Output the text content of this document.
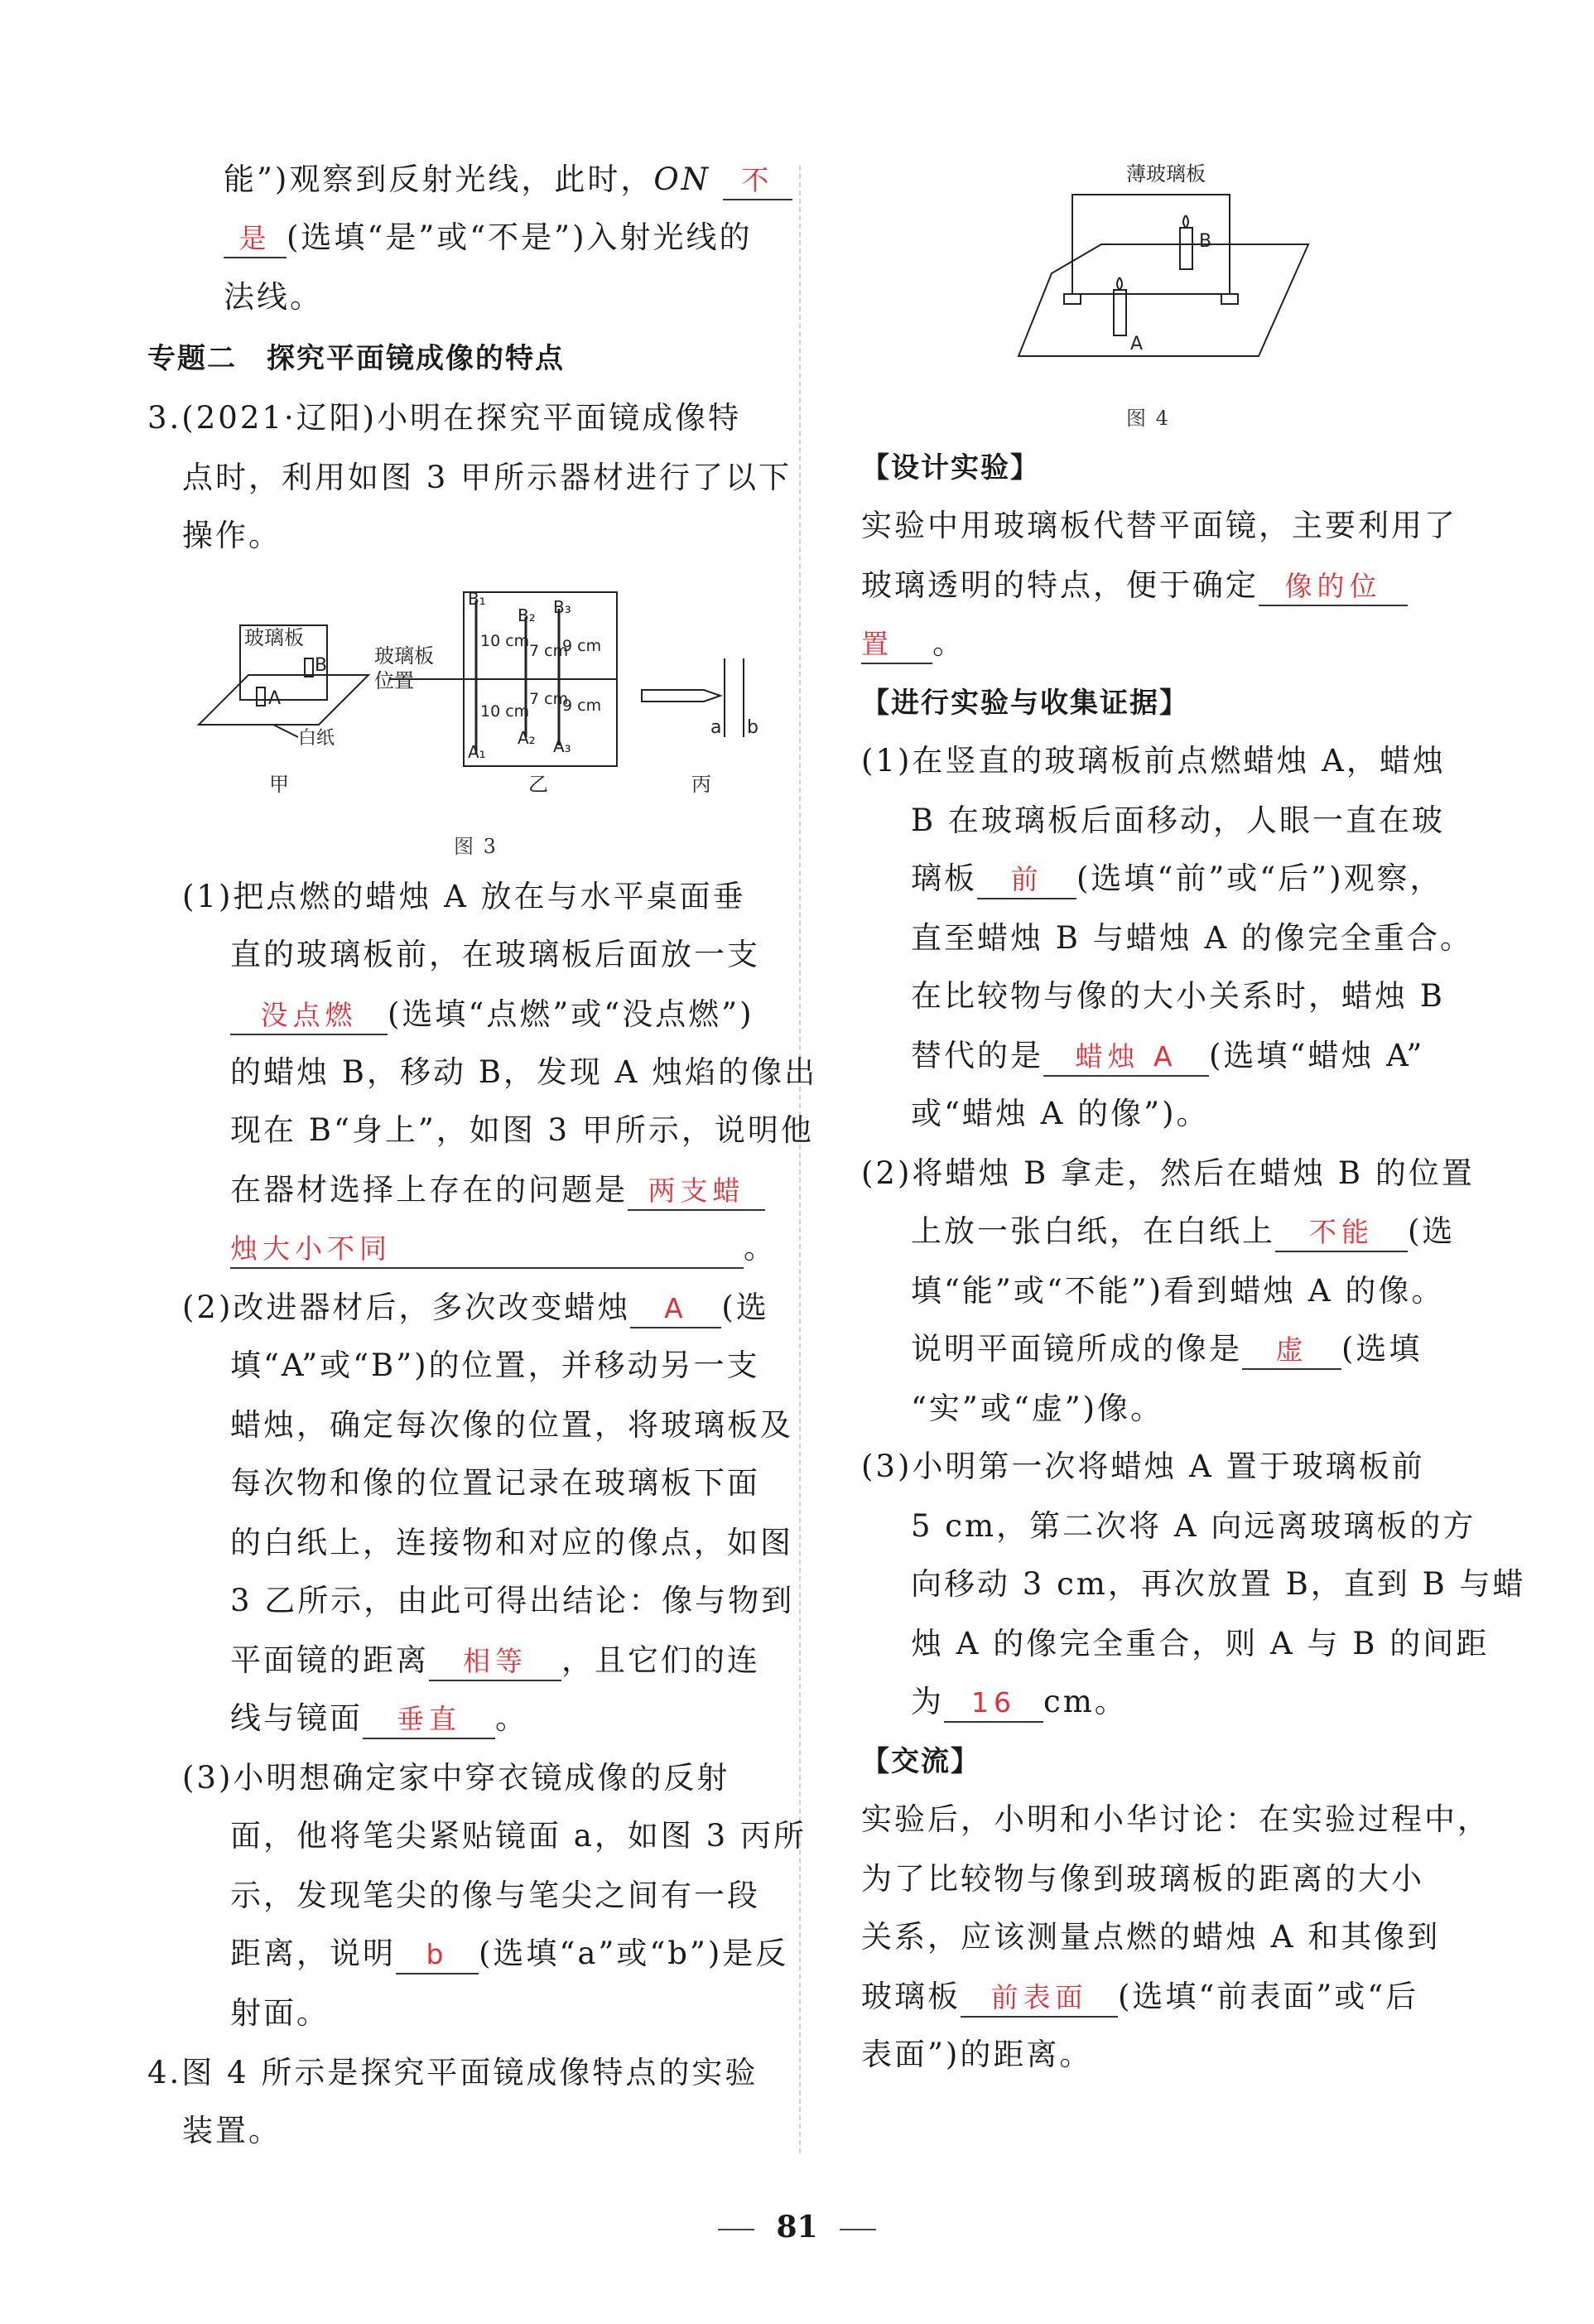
能”)观察到反射光线，此时，ON 不
是 (选填“是”或“不是”)入射光线的
法线。
专题二　探究平面镜成像的特点
3.(2021·辽阳)小明在探究平面镜成像特
点时，利用如图 3 甲所示器材进行了以下
操作。
玻璃板
B
A
白纸
甲
玻璃板
位置
B₁
B₂ B₃
A₁
A₂ A₃
10 cm
7 cm
9 cm
10 cm
7 cm
9 cm
乙
a b
丙
图 3
(1)把点燃的蜡烛 A 放在与水平桌面垂
直的玻璃板前，在玻璃板后面放一支
没点燃 (选填“点燃”或“没点燃”)
的蜡烛 B，移动 B，发现 A 烛焰的像出
现在 B“身上”，如图 3 甲所示，说明他
在器材选择上存在的问题是 两支蜡
烛大小不同	。
(2)改进器材后，多次改变蜡烛 A (选
填“A”或“B”)的位置，并移动另一支
蜡烛，确定每次像的位置，将玻璃板及
每次物和像的位置记录在玻璃板下面
的白纸上，连接物和对应的像点，如图
3 乙所示，由此可得出结论：像与物到
平面镜的距离 相等 ，且它们的连
线与镜面 垂直 。
(3)小明想确定家中穿衣镜成像的反射
面，他将笔尖紧贴镜面 a，如图 3 丙所
示，发现笔尖的像与笔尖之间有一段
距离，说明 b (选填“a”或“b”)是反
射面。
4.图 4 所示是探究平面镜成像特点的实验
装置。
薄玻璃板
B
A
图 4
【设计实验】
实验中用玻璃板代替平面镜，主要利用了
玻璃透明的特点，便于确定 像的位
置 。
【进行实验与收集证据】
(1)在竖直的玻璃板前点燃蜡烛 A，蜡烛
B 在玻璃板后面移动，人眼一直在玻
璃板 前 (选填“前”或“后”)观察，
直至蜡烛 B 与蜡烛 A 的像完全重合。
在比较物与像的大小关系时，蜡烛 B
替代的是 蜡烛 A (选填“蜡烛 A”
或“蜡烛 A 的像”)。
(2)将蜡烛 B 拿走，然后在蜡烛 B 的位置
上放一张白纸，在白纸上 不能 (选
填“能”或“不能”)看到蜡烛 A 的像。
说明平面镜所成的像是 虚 (选填
“实”或“虚”)像。
(3)小明第一次将蜡烛 A 置于玻璃板前
5 cm，第二次将 A 向远离玻璃板的方
向移动 3 cm，再次放置 B，直到 B 与蜡
烛 A 的像完全重合，则 A 与 B 的间距
为 16 cm。
【交流】
实验后，小明和小华讨论：在实验过程中，
为了比较物与像到玻璃板的距离的大小
关系，应该测量点燃的蜡烛 A 和其像到
玻璃板 前表面 (选填“前表面”或“后
表面”)的距离。
81
